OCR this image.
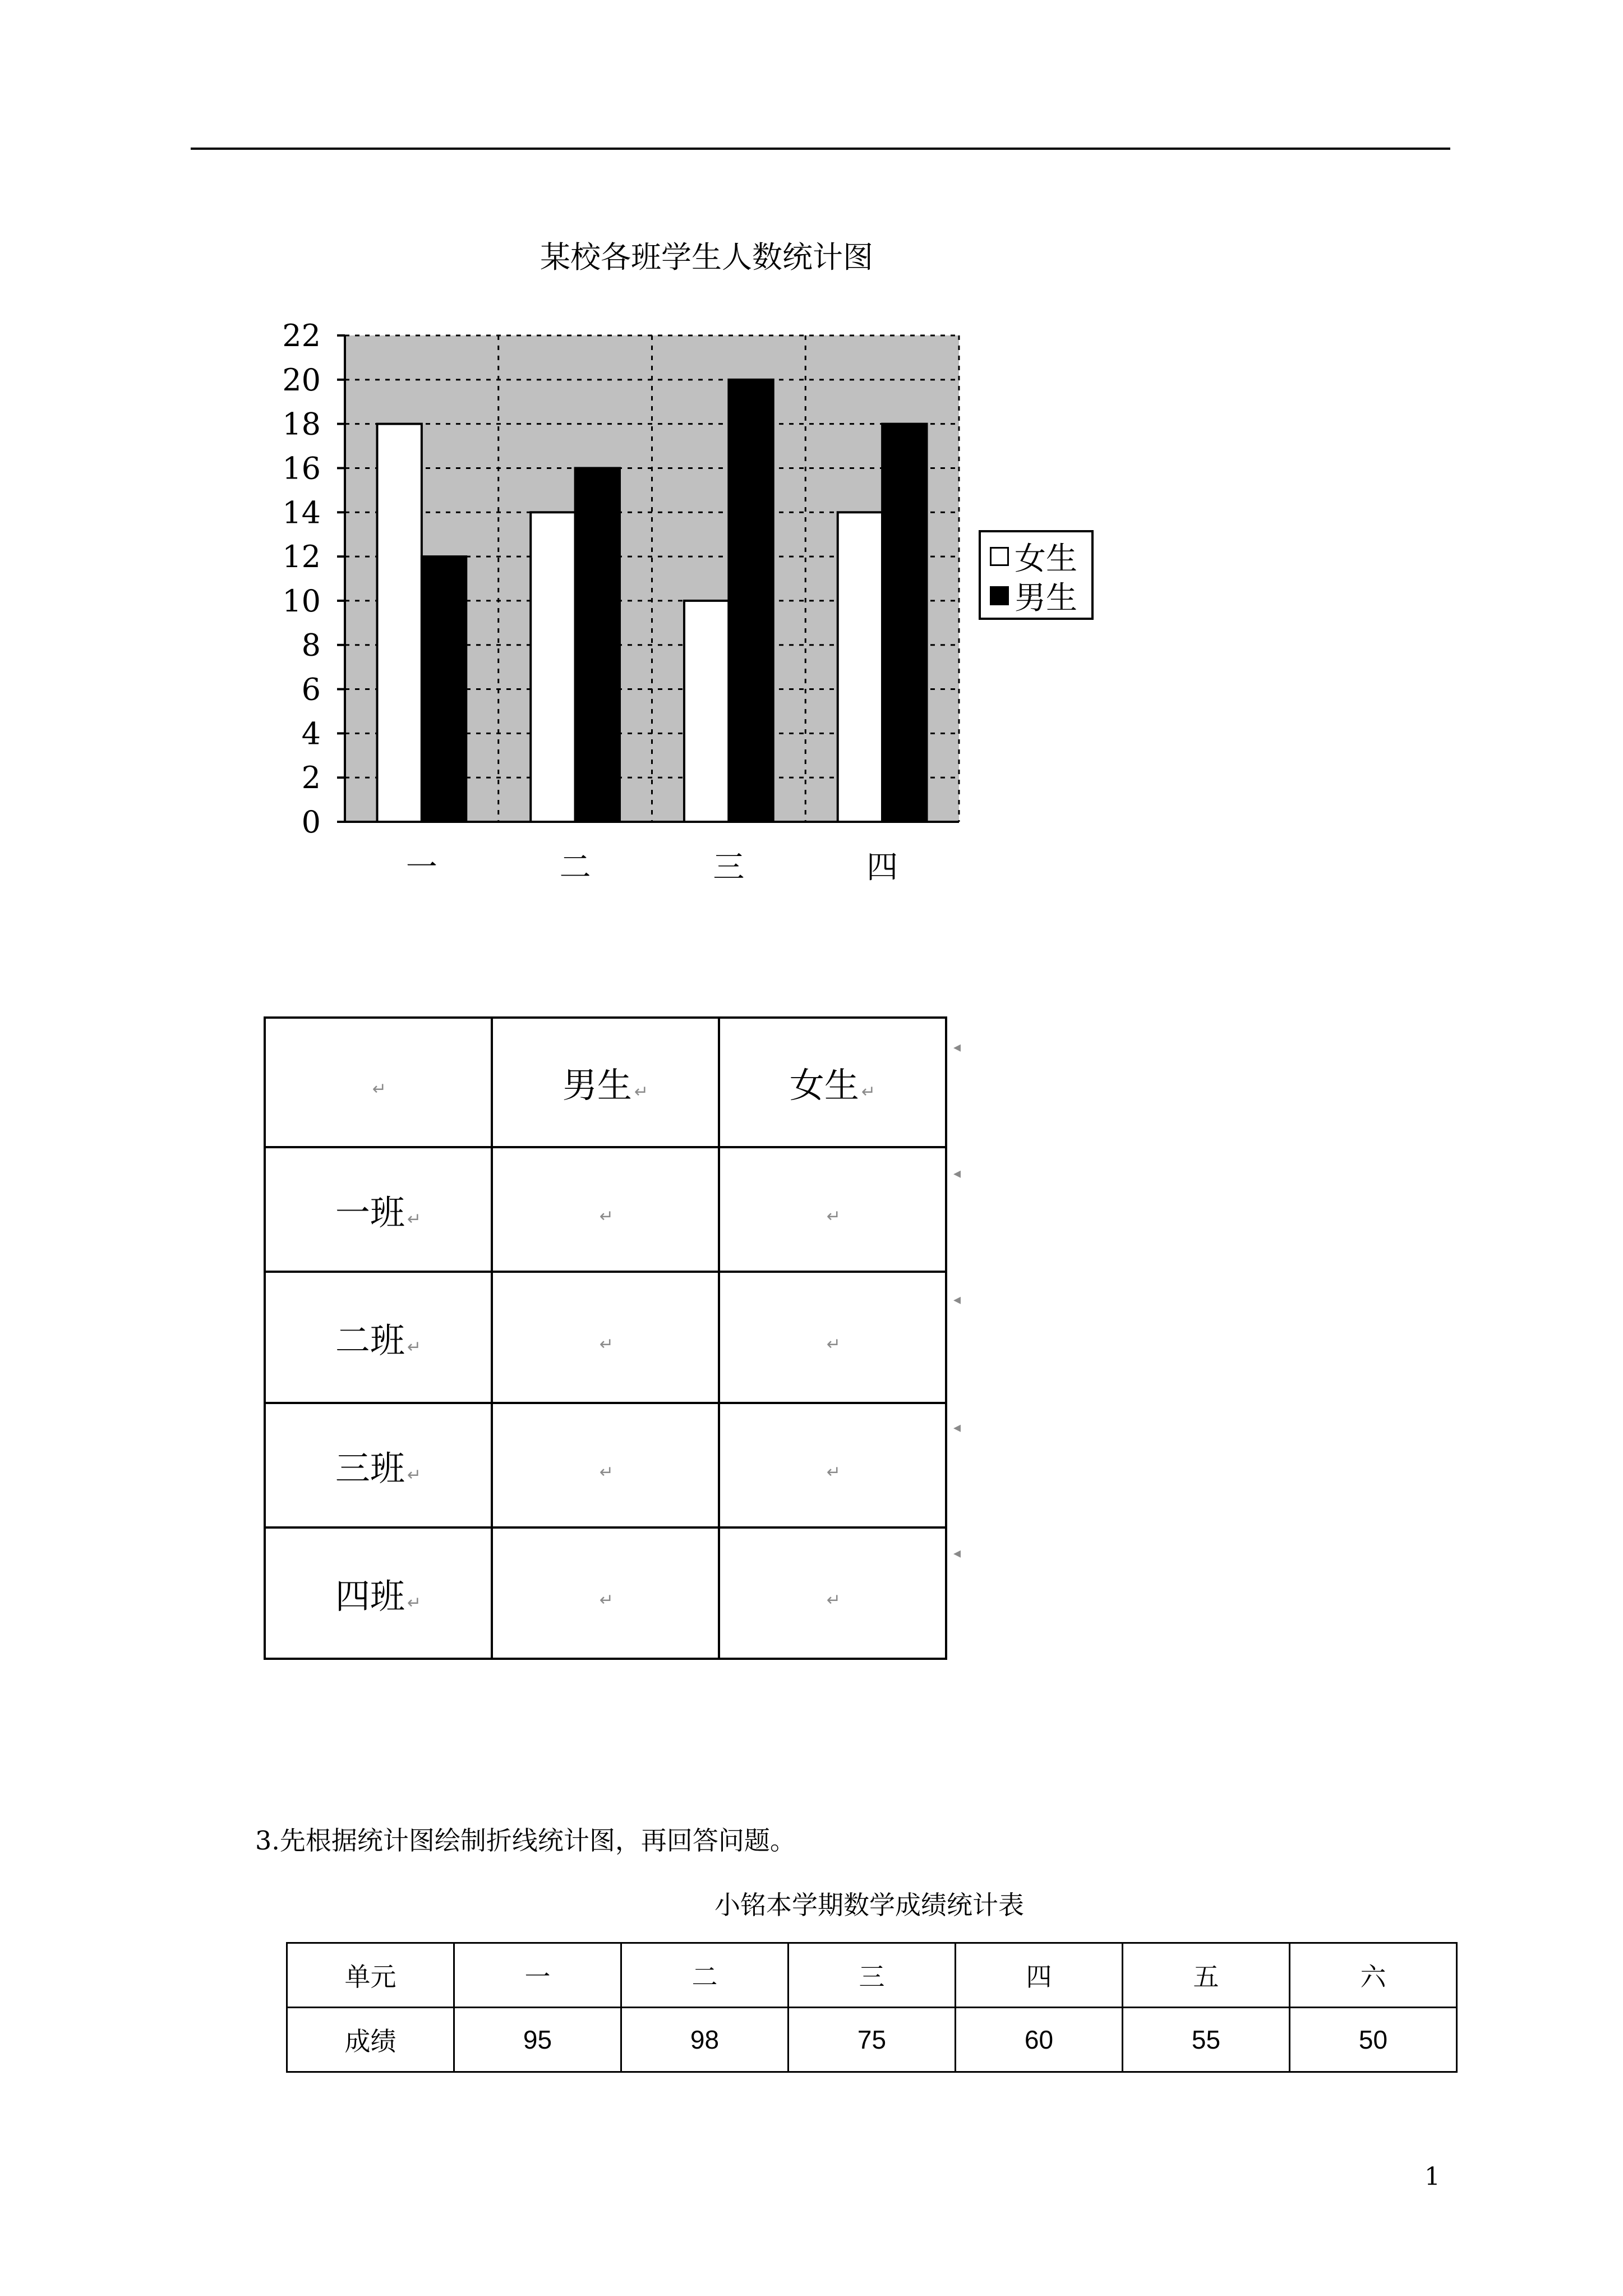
某校各班学生人数统计图
0
2
4
6
8
10
12
14
16
18
20
22
一	二	三	四
女生
男生
↵	男生 ↵	女生 ↵
一班 ↵	↵	↵
二班 ↵	↵	↵
三班 ↵	↵	↵
四班 ↵	↵	↵
◂
◂
◂
◂
◂
3.先根据统计图绘制折线统计图，再回答问题。
小铭本学期数学成绩统计表
单元	一	二	三	四	五	六
成绩	95	98	75	60	55	50
1
